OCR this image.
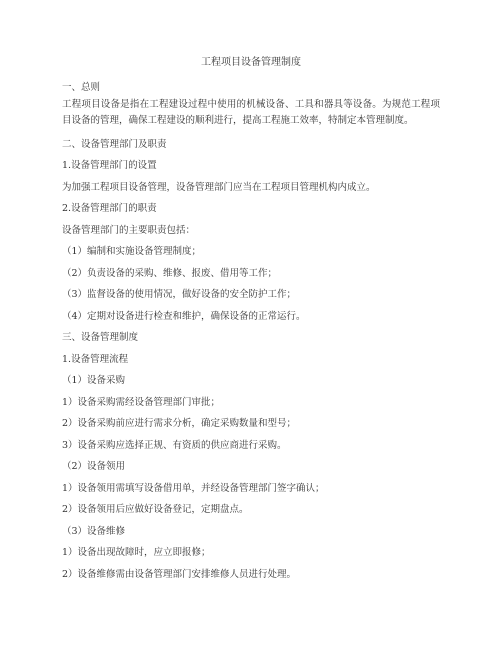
工程项目设备管理制度
一、总则
工程项目设备是指在工程建设过程中使用的机械设备、工具和器具等设备。为规范工程项目设备的管理，确保工程建设的顺利进行，提高工程施工效率，特制定本管理制度。
二、设备管理部门及职责
1.设备管理部门的设置
为加强工程项目设备管理，设备管理部门应当在工程项目管理机构内成立。
2.设备管理部门的职责
设备管理部门的主要职责包括：
（1）编制和实施设备管理制度；
（2）负责设备的采购、维修、报废、借用等工作；
（3）监督设备的使用情况，做好设备的安全防护工作；
（4）定期对设备进行检查和维护，确保设备的正常运行。
三、设备管理制度
1.设备管理流程
（1）设备采购
1）设备采购需经设备管理部门审批；
2）设备采购前应进行需求分析，确定采购数量和型号；
3）设备采购应选择正规、有资质的供应商进行采购。
（2）设备领用
1）设备领用需填写设备借用单，并经设备管理部门签字确认；
2）设备领用后应做好设备登记，定期盘点。
（3）设备维修
1）设备出现故障时，应立即报修；
2）设备维修需由设备管理部门安排维修人员进行处理。
